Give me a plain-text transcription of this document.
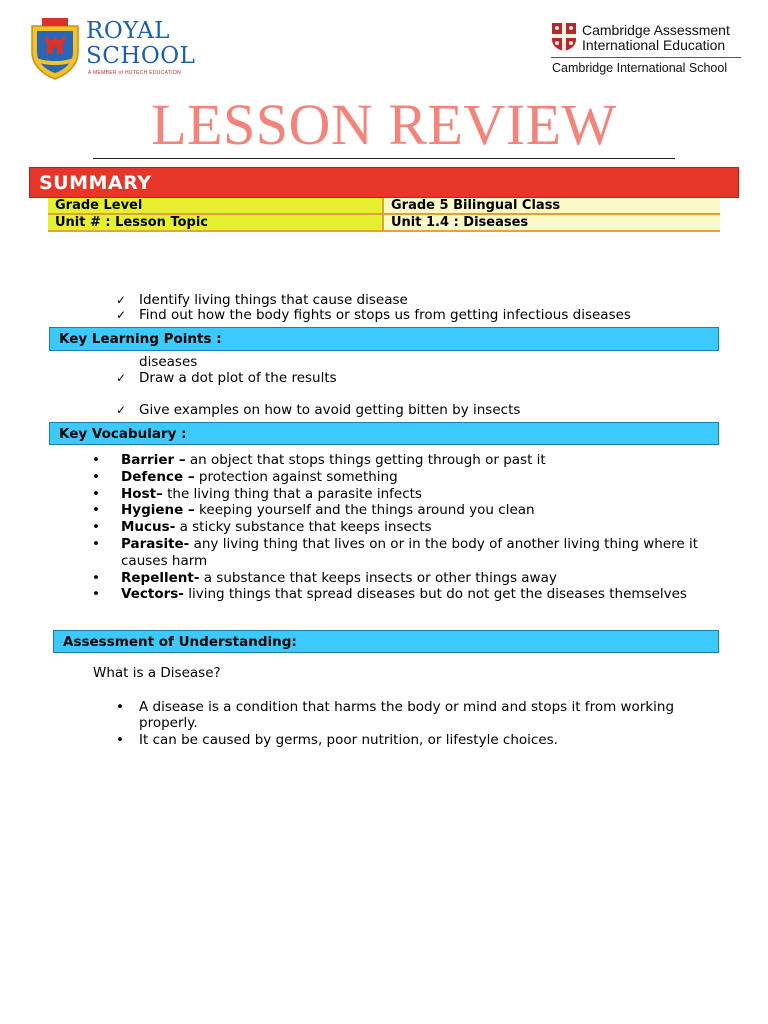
ROYAL
SCHOOL
A MEMBER of HUTECH EDUCATION
Cambridge Assessment
International Education
Cambridge International School
LESSON REVIEW
SUMMARY
Grade Level	Grade 5 Bilingual Class
Unit # : Lesson Topic	Unit 1.4 : Diseases
✓ Identify living things that cause disease
✓ Find out how the body fights or stops us from getting infectious diseases
diseases
✓ Draw a dot plot of the results
✓ Give examples on how to avoid getting bitten by insects
Key Learning Points :
Key Vocabulary :
• Barrier – an object that stops things getting through or past it
• Defence – protection against something
• Host– the living thing that a parasite infects
• Hygiene – keeping yourself and the things around you clean
• Mucus- a sticky substance that keeps insects
• Parasite- any living thing that lives on or in the body of another living thing where it causes harm
• Repellent- a substance that keeps insects or other things away
• Vectors- living things that spread diseases but do not get the diseases themselves
Assessment of Understanding:
What is a Disease?
• A disease is a condition that harms the body or mind and stops it from working properly.
• It can be caused by germs, poor nutrition, or lifestyle choices.
